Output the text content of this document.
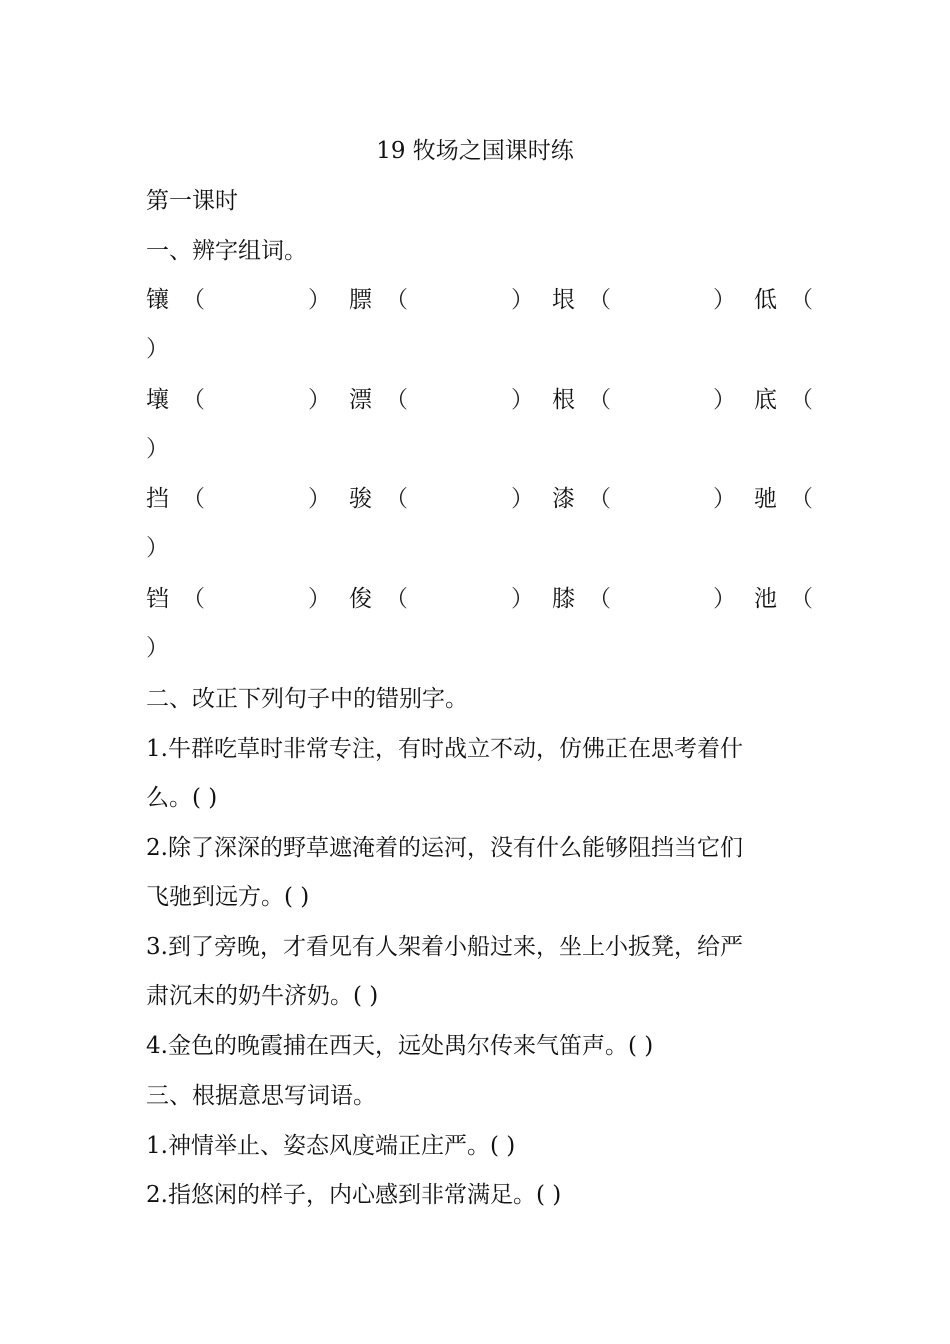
19 牧场之国课时练
第一课时
一、辨字组词。
镶 （	） 膘 （	） 垠 （	） 低 （
）
壤 （	） 漂 （	） 根 （	） 底 （
）
挡 （	） 骏 （	） 漆 （	） 驰 （
）
铛 （	） 俊 （	） 膝 （	） 池 （
）
二、改正下列句子中的错别字。
1.牛群吃草时非常专注，有时战立不动，仿佛正在思考着什
么。( )
2.除了深深的野草遮淹着的运河，没有什么能够阻挡当它们
飞驰到远方。( )
3.到了旁晚，才看见有人架着小船过来，坐上小扳凳，给严
肃沉末的奶牛济奶。( )
4.金色的晚霞捕在西天，远处禺尔传来气笛声。( )
三、根据意思写词语。
1.神情举止、姿态风度端正庄严。( )
2.指悠闲的样子，内心感到非常满足。( )
